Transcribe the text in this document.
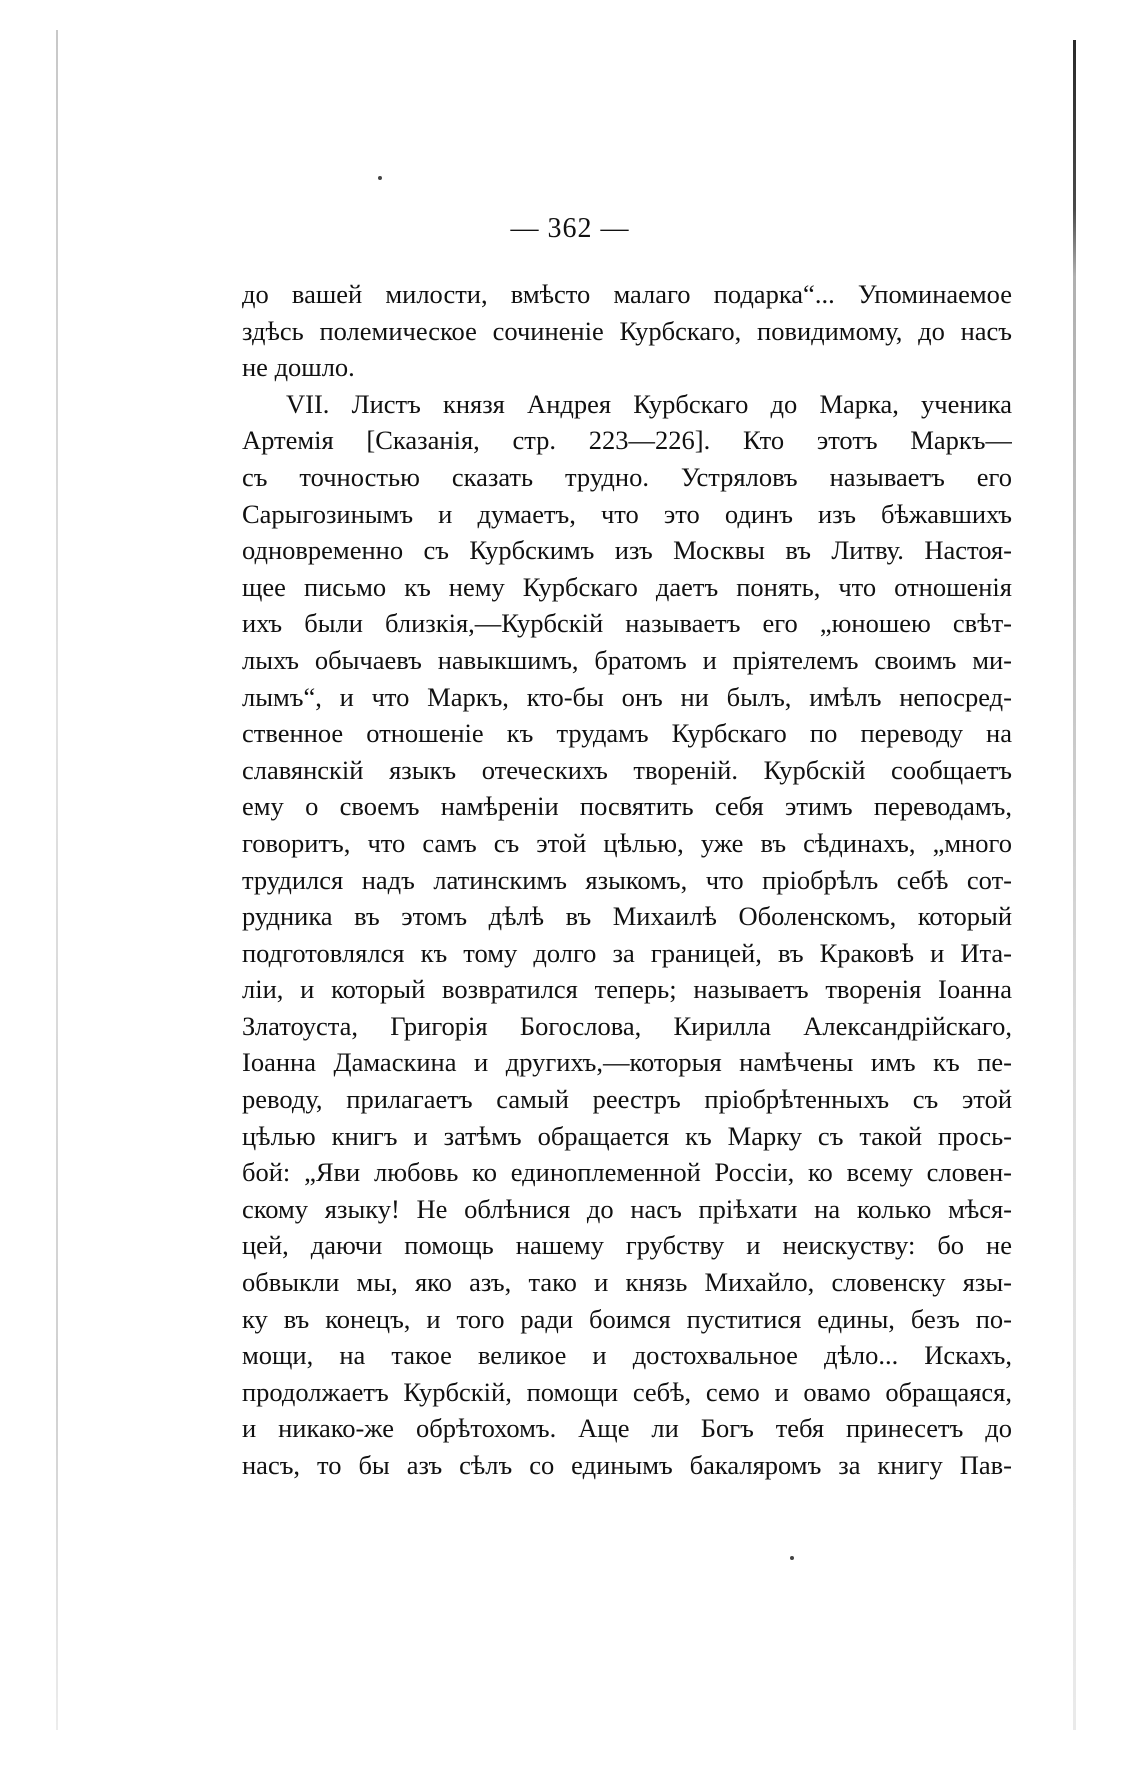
— 362 —
до вашей милости, вмѣсто малаго подарка“... Упоминаемое
здѣсь полемическое сочиненіе Курбскаго, повидимому, до насъ
не дошло.
VII. Листъ князя Андрея Курбскаго до Марка, ученика
Артемія [Сказанія, стр. 223—226]. Кто этотъ Маркъ—
съ точностью сказать трудно. Устряловъ называетъ его
Сарыгозинымъ и думаетъ, что это одинъ изъ бѣжавшихъ
одновременно съ Курбскимъ изъ Москвы въ Литву. Настоя-
щее письмо къ нему Курбскаго даетъ понять, что отношенія
ихъ были близкія,—Курбскій называетъ его „юношею свѣт-
лыхъ обычаевъ навыкшимъ, братомъ и пріятелемъ своимъ ми-
лымъ“, и что Маркъ, кто-бы онъ ни былъ, имѣлъ непосред-
ственное отношеніе къ трудамъ Курбскаго по переводу на
славянскій языкъ отеческихъ твореній. Курбскій сообщаетъ
ему о своемъ намѣреніи посвятить себя этимъ переводамъ,
говоритъ, что самъ съ этой цѣлью, уже въ сѣдинахъ, „много
трудился надъ латинскимъ языкомъ, что пріобрѣлъ себѣ сот-
рудника въ этомъ дѣлѣ въ Михаилѣ Оболенскомъ, который
подготовлялся къ тому долго за границей, въ Краковѣ и Ита-
ліи, и который возвратился теперь; называетъ творенія Іоанна
Златоуста, Григорія Богослова, Кирилла Александрійскаго,
Іоанна Дамаскина и другихъ,—которыя намѣчены имъ къ пе-
реводу, прилагаетъ самый реестръ пріобрѣтенныхъ съ этой
цѣлью книгъ и затѣмъ обращается къ Марку съ такой прось-
бой: „Яви любовь ко единоплеменной Россіи, ко всему словен-
скому языку! Не облѣнися до насъ пріѣхати на колько мѣся-
цей, даючи помощь нашему грубству и неискуству: бо не
обвыкли мы, яко азъ, тако и князь Михайло, словенску язы-
ку въ конецъ, и того ради боимся пуститися едины, безъ по-
мощи, на такое великое и достохвальное дѣло... Искахъ,
продолжаетъ Курбскій, помощи себѣ, семо и овамо обращаяся,
и никако-же обрѣтохомъ. Аще ли Богъ тебя принесетъ до
насъ, то бы азъ сѣлъ со единымъ бакаляромъ за книгу Пав-
